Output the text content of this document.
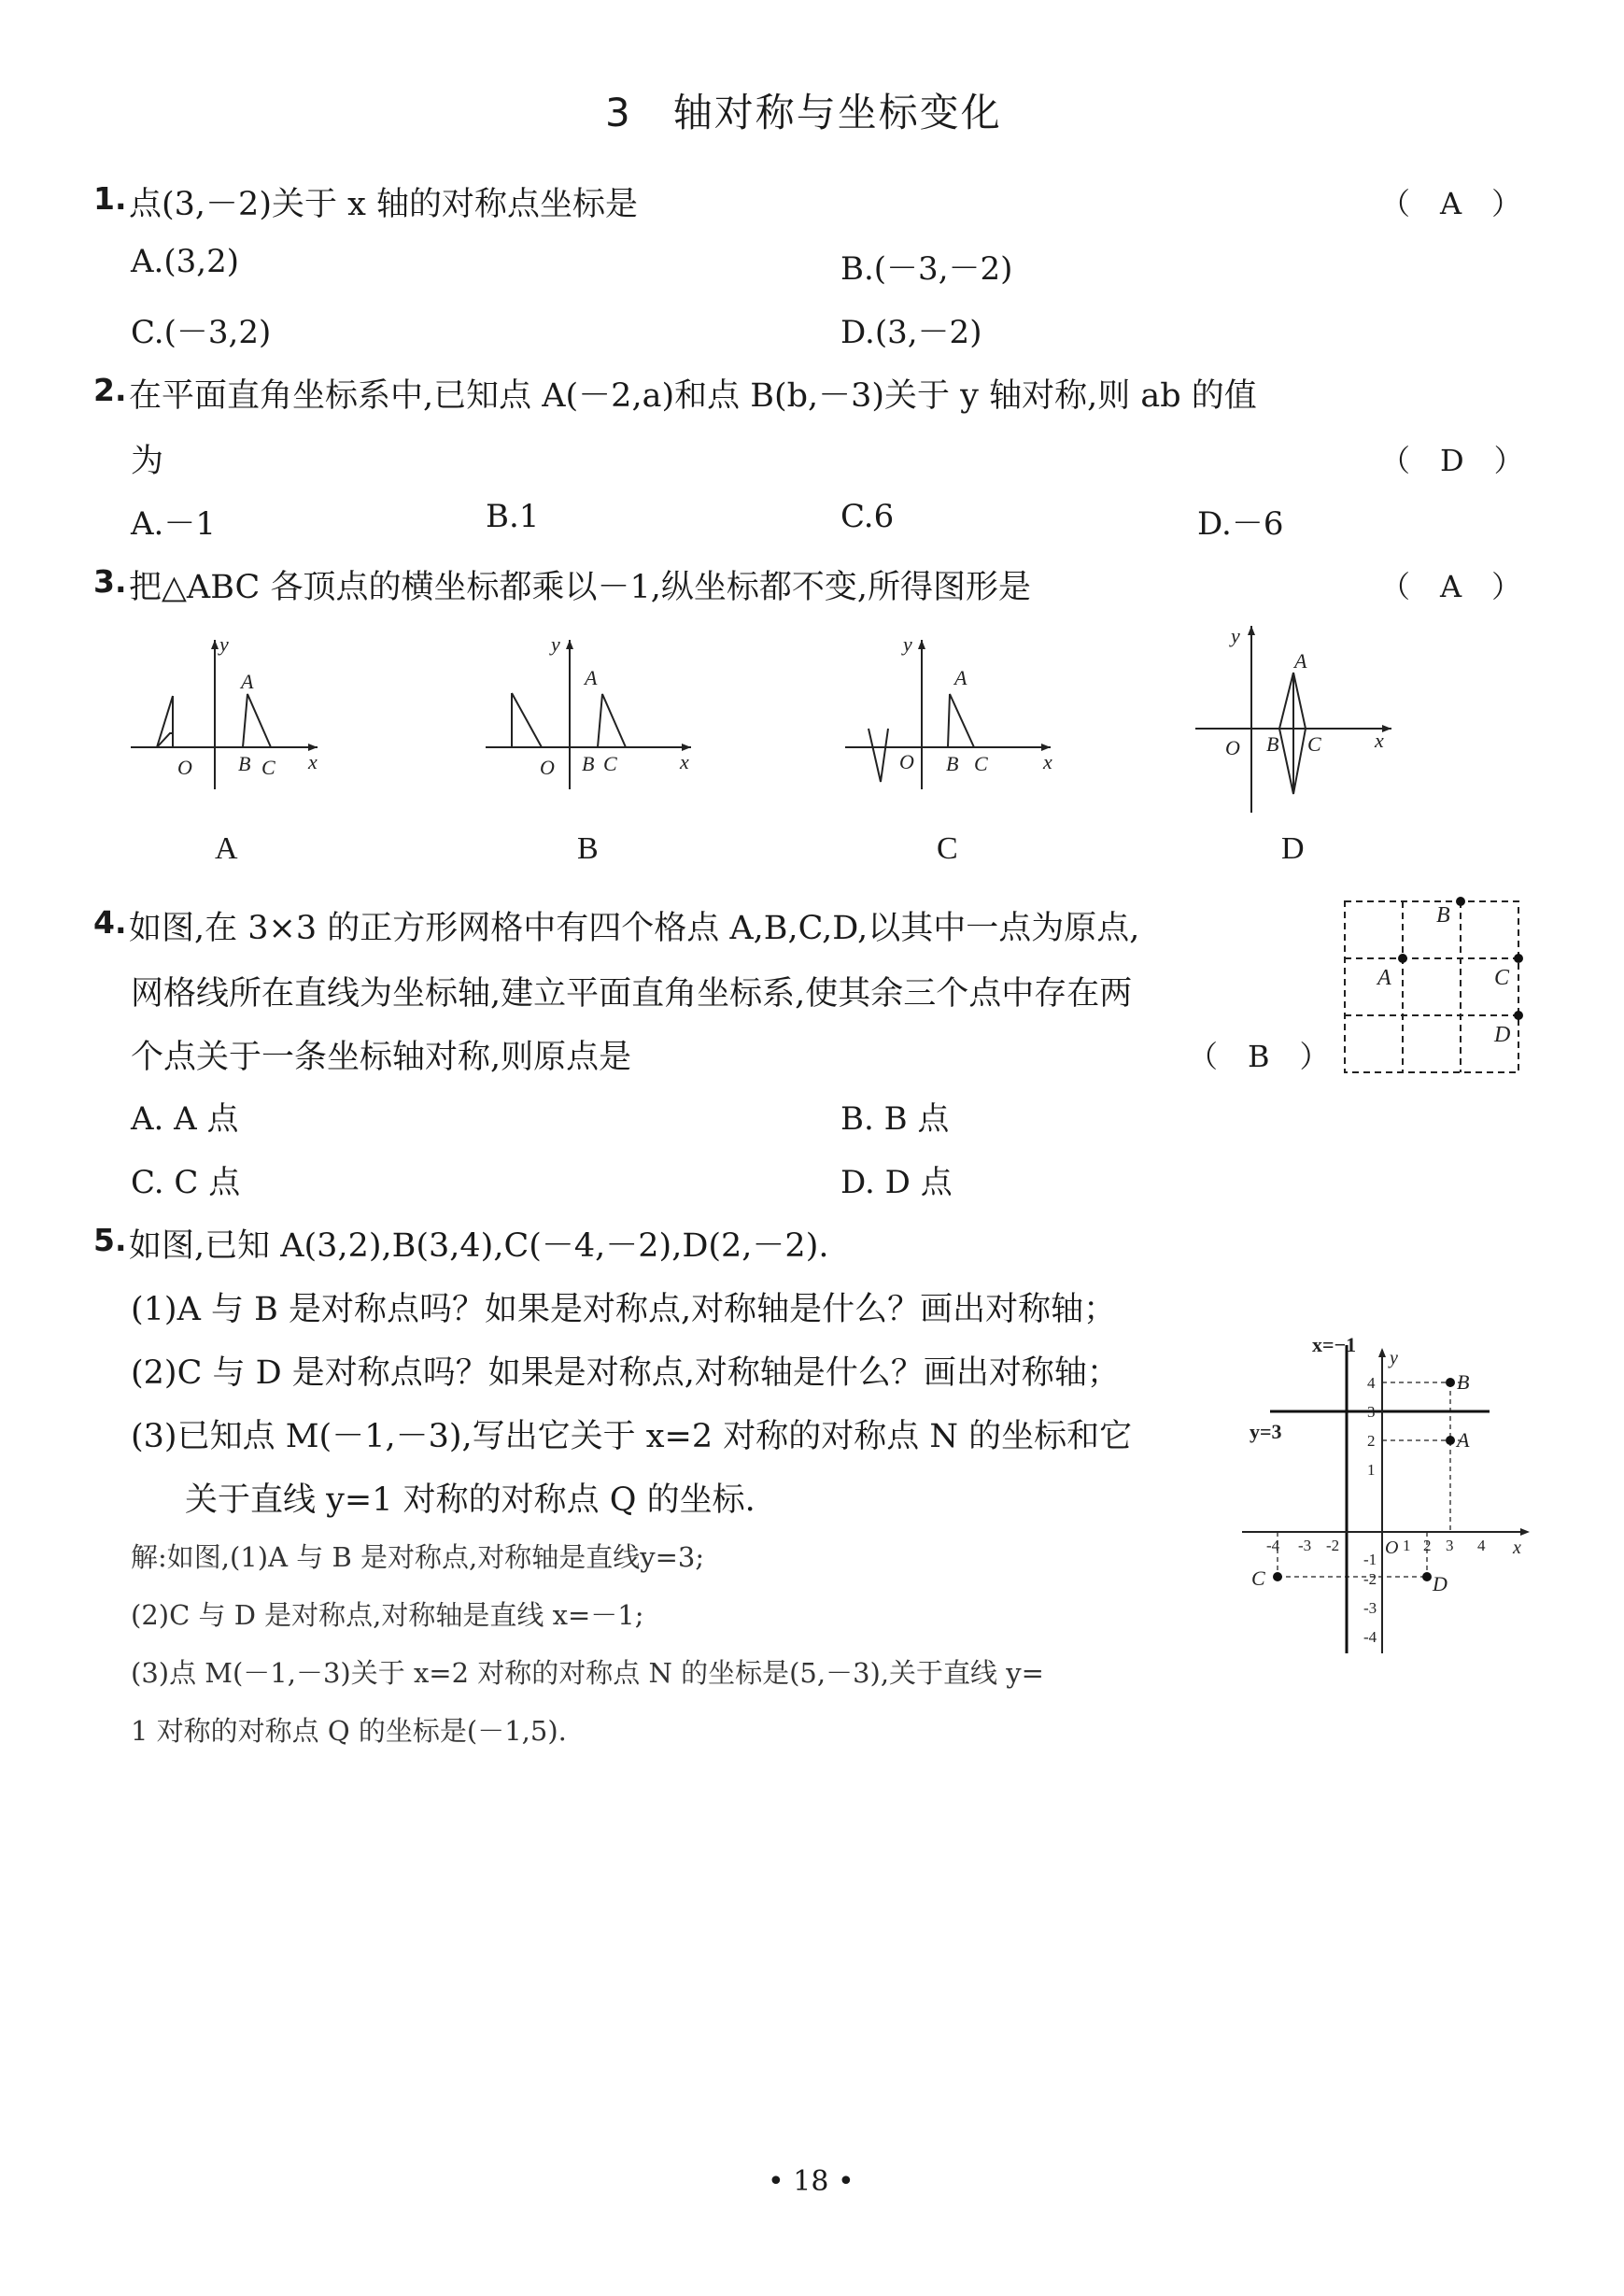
3　轴对称与坐标变化
1. 点(3,－2)关于 x 轴的对称点坐标是	（　A　）
A.(3,2)	B.(－3,－2)
C.(－3,2)	D.(3,－2)
2. 在平面直角坐标系中,已知点 A(－2,a)和点 B(b,－3)关于 y 轴对称,则 ab 的值
为	（　D　）
A.－1	B.1	C.6	D.－6
3. 把△ABC 各顶点的横坐标都乘以－1,纵坐标都不变,所得图形是	（　A　）
y
x
O B C
A
A
y
x
O B C
A
B
y
x
O B C
A
C
y
x
O B C
A
D
4. 如图,在 3×3 的正方形网格中有四个格点 A,B,C,D,以其中一点为原点,
网格线所在直线为坐标轴,建立平面直角坐标系,使其余三个点中存在两
个点关于一条坐标轴对称,则原点是	（　B　）
A. A 点	B. B 点
C. C 点	D. D 点
B
A	C
D
5. 如图,已知 A(3,2),B(3,4),C(－4,－2),D(2,－2).
(1)A 与 B 是对称点吗？如果是对称点,对称轴是什么？画出对称轴；
(2)C 与 D 是对称点吗？如果是对称点,对称轴是什么？画出对称轴；
(3)已知点 M(－1,－3),写出它关于 x=2 对称的对称点 N 的坐标和它
关于直线 y=1 对称的对称点 Q 的坐标.
解:如图,(1)A 与 B 是对称点,对称轴是直线y=3;
(2)C 与 D 是对称点,对称轴是直线 x=－1;
(3)点 M(－1,－3)关于 x=2 对称的对称点 N 的坐标是(5,－3),关于直线 y=
1 对称的对称点 Q 的坐标是(－1,5).
x=−1
y=3
y
x
O
B
A
C	D
-4 -3 -2	1 2 3 4
4
3
2
1
-1
-2
-3
-4
• 18 •
